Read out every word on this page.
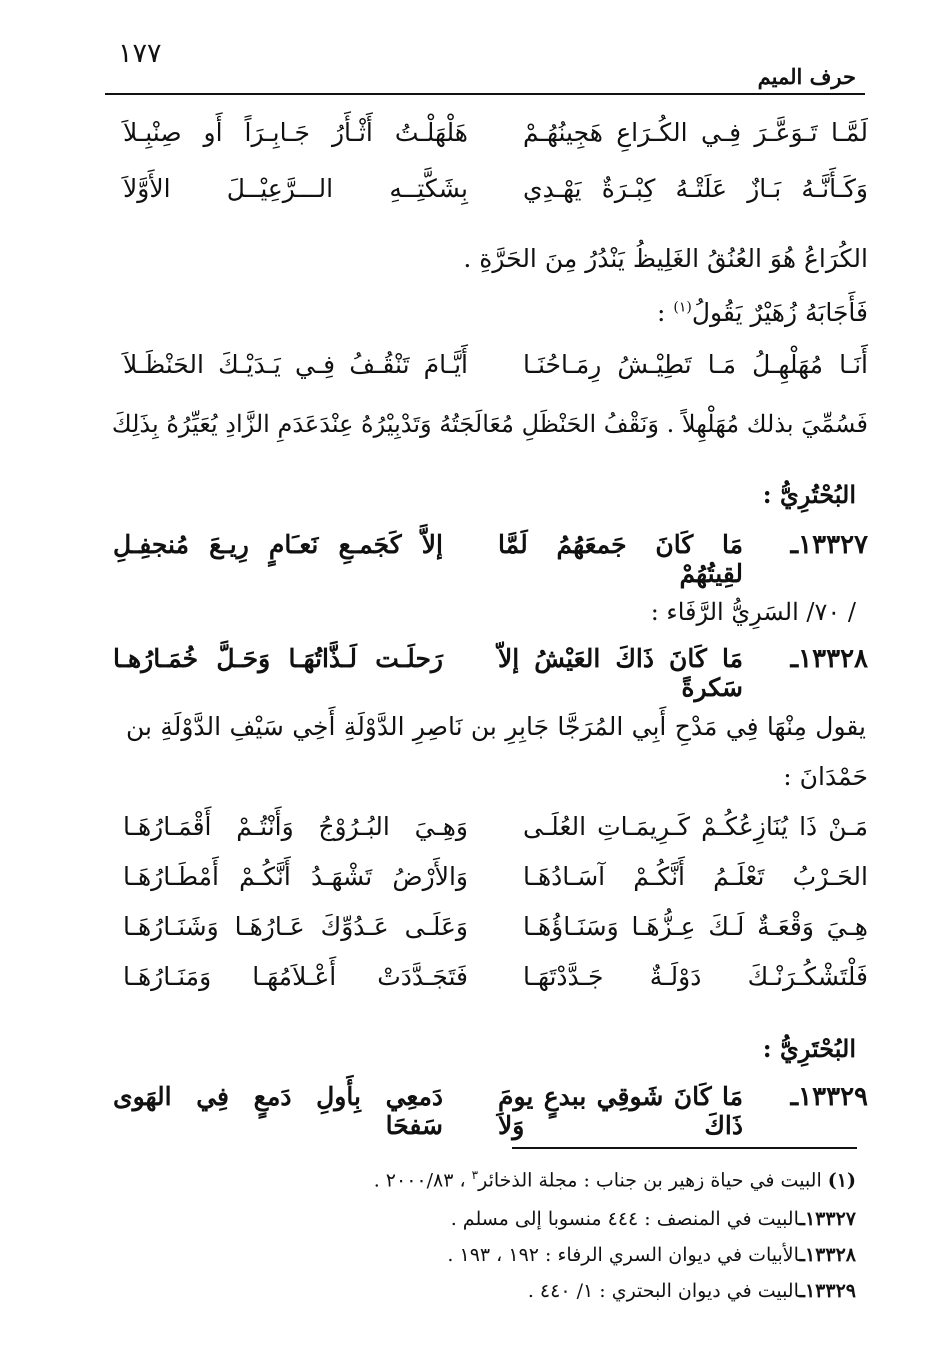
١٧٧
حرف الميم
لَمَّـا تَـوَعَّـرَ فِـي الكُـرَاعِ هَجِينُهُـمْ
هَلْهَلْـتُ أَثْـأَرُ جَـابِـرَاً أَو صِنْبِـلاَ
وَكَـأَنَّـهُ بَـازٌ عَلَتْـهُ كِبْـرَةٌ يَهْـدِي
بِشَكَّتِــهِ الـــرَّعِيْــلَ الأَوَّلاَ
الكُرَاعُ هُوَ العُنُقُ الغَلِيظُ يَنْدُرُ مِنَ الحَرَّةِ .
فَأَجَابَهُ زُهَيْرٌ يَقُولُ$^{(١)}$ :
أَنَـا مُهَلْهِـلُ مَـا تَطِيْـشُ رِمَـاحُنَـا
أَيَّـامَ تَنْقُـفُ فِـي يَـدَيْـكَ الحَنْظَـلاَ
فَسُمِّيَ بذلك مُهَلْهِلاً . وَنَقْفُ الحَنْظَلِ مُعَالَجَتُهُ وَتَدْبِيْرُهُ عِنْدَعَدَمِ الزَّادِ يُعَيِّرُهُ بِذَلِكَ
البُحْتُرِيُّ :
١٣٣٢٧ـ
مَا كَانَ جَمعَهُمُ لَمَّا لقِيتُهُمْ
إلاَّ كَجَمـعِ نَعـَامٍ رِيـعَ مُنجفِـلِ
/ ٧٠/ السَرِيُّ الرَّفَاء :
١٣٣٢٨ـ
مَا كَانَ ذَاكَ العَيْشُ إلاّ سَكرةً
رَحلَـت لَـذَّاتُهَـا وَحَـلَّ خُمَـارُهـا
يقول مِنْهَا فِي مَدْحِ أَبِي المُرَجَّا جَابِرِ بن نَاصِرِ الدَّوْلَةِ أَخِي سَيْفِ الدَّوْلَةِ بن
حَمْدَانَ :
مَـنْ ذَا يُنَازِعُكُـمْ كَـرِيمَـاتِ العُلَـى
وَهِـيَ البُـرُوْجُ وَأَنْتُـمْ أَقْمَـارُهَـا
الحَـرْبُ تَعْلَـمُ أَنَّكُـمْ آسَـادُهَـا
وَالأَرْضُ تَشْهَـدُ أَنَّكُـمْ أَمْطَـارُهَـا
هِـيَ وَقْعَـةٌ لَـكَ عِـزُّهَـا وَسَنَـاؤُهَـا
وَعَلَـى عَـدُوِّكَ عَـارُهَـا وَشَنَـارُهَـا
فَلْتَشْكُـرَنْـكَ دَوْلَـةٌ جَـدَّدْتَهَـا
فَتَجَـدَّدَتْ أَعْـلاَمُهَـا وَمَنَـارُهَـا
البُحْتَرِيُّ :
١٣٣٢٩ـ
مَا كَانَ شَوقِي ببدعٍ يومَ ذَاكَ وَلاَ
دَمعِي بِأَولِ دَمعٍ فِي الهَوى سَفحَا
(١) البيت في حياة زهير بن جناب : مجلة الذخائر$^٣$ ، ٢٠٠٠/٨٣ .
١٣٣٢٧ـالبيت في المنصف : ٤٤٤ منسوبا إلى مسلم .
١٣٣٢٨ـالأبيات في ديوان السري الرفاء : ١٩٢ ، ١٩٣ .
١٣٣٢٩ـالبيت في ديوان البحتري : ١/ ٤٤٠ .
